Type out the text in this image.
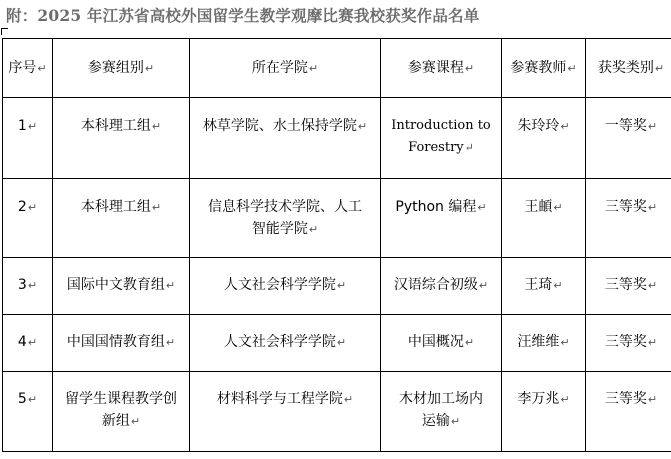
附：2025 年江苏省高校外国留学生教学观摩比赛我校获奖作品名单
序号↵	参赛组别↵	所在学院↵	参赛课程↵	参赛教师↵	获奖类别↵
1↵	本科理工组↵	林草学院、水土保持学院↵	Introduction to Forestry↵	朱玲玲↵	一等奖↵
2↵	本科理工组↵	信息科学技术学院、人工智能学院↵	Python 编程↵	王頔↵	三等奖↵
3↵	国际中文教育组↵	人文社会科学学院↵	汉语综合初级↵	王琦↵	三等奖↵
4↵	中国国情教育组↵	人文社会科学学院↵	中国概况↵	汪维维↵	三等奖↵
5↵	留学生课程教学创新组↵	材料科学与工程学院↵	木材加工场内运输↵	李万兆↵	三等奖↵
